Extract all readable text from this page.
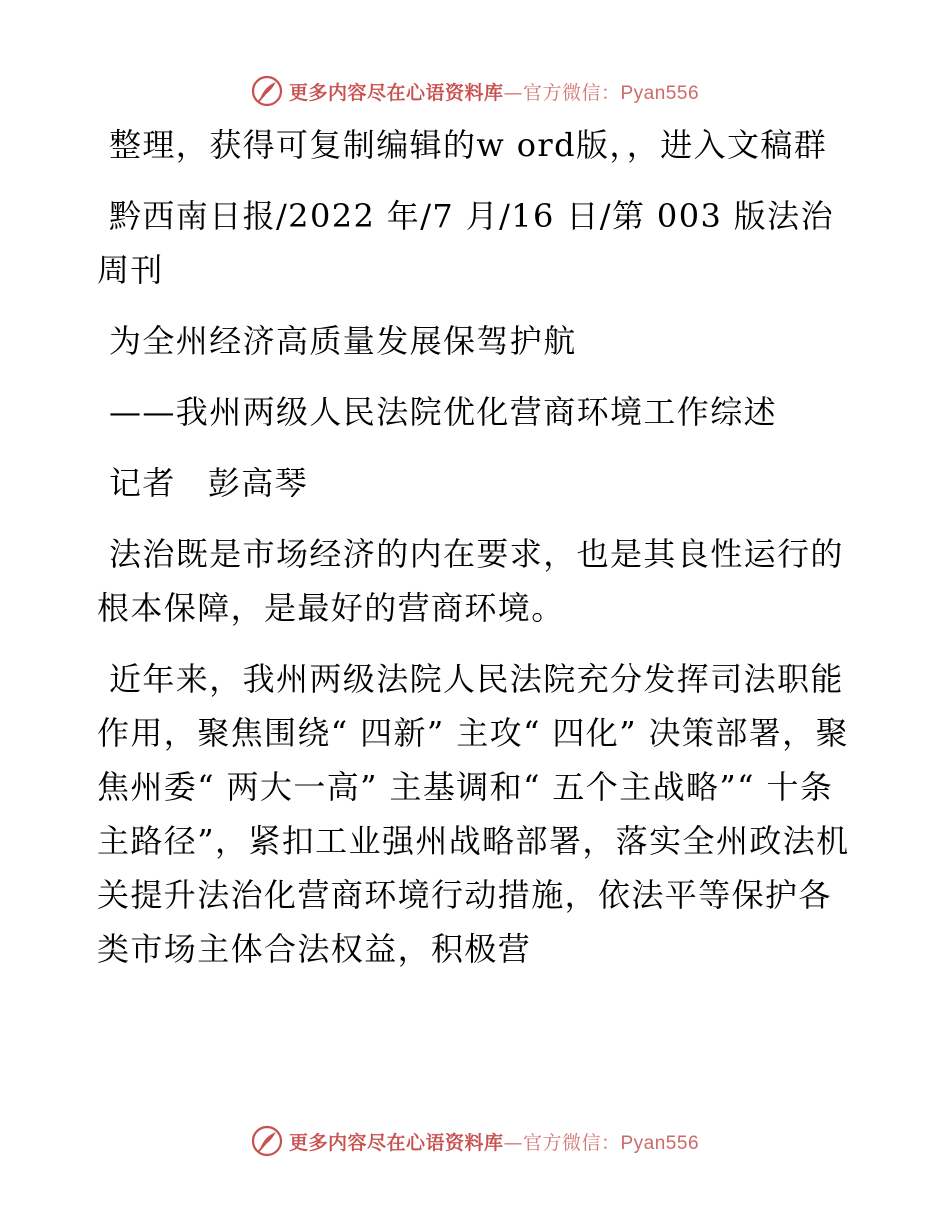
更多内容尽在心语资料库—官方微信：Pyan556

整理，获得可复制编辑的w ord版，，进入文稿群

黔西南日报/2022 年/7 月/16 日/第 003 版法治周刊

为全州经济高质量发展保驾护航

——我州两级人民法院优化营商环境工作综述

记者 彭高琴

法治既是市场经济的内在要求，也是其良性运行的根本保障，是最好的营商环境。

近年来，我州两级法院人民法院充分发挥司法职能作用，聚焦围绕“ 四新” 主攻“ 四化” 决策部署，聚焦州委“ 两大一高” 主基调和“ 五个主战略”“ 十条主路径”，紧扣工业强州战略部署，落实全州政法机关提升法治化营商环境行动措施，依法平等保护各类市场主体合法权益，积极营

更多内容尽在心语资料库—官方微信：Pyan556
